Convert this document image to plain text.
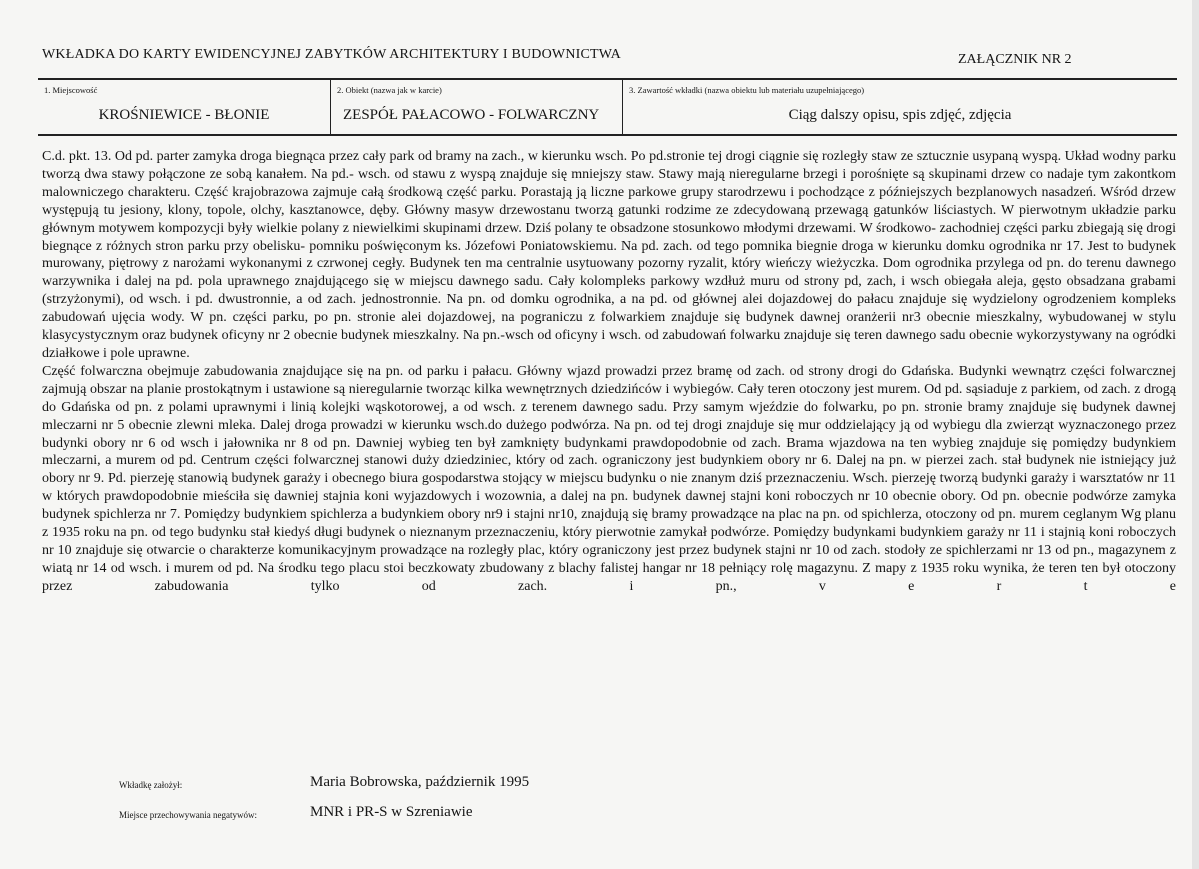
WKŁADKA DO KARTY EWIDENCYJNEJ ZABYTKÓW ARCHITEKTURY I BUDOWNICTWA	ZAŁĄCZNIK NR 2
1. Miejscowość
KROŚNIEWICE - BŁONIE
2. Obiekt (nazwa jak w karcie)
ZESPÓŁ PAŁACOWO - FOLWARCZNY
3. Zawartość wkładki (nazwa obiektu lub materiału uzupełniającego)
Ciąg dalszy opisu, spis zdjęć, zdjęcia

C.d. pkt. 13. Od pd. parter zamyka droga biegnąca przez cały park od bramy na zach., w kierunku wsch. Po pd.stronie tej drogi ciągnie się rozległy staw ze sztucznie usypaną wyspą. Układ wodny parku tworzą dwa stawy połączone ze sobą kanałem. Na pd.- wsch. od stawu z wyspą znajduje się mniejszy staw. Stawy mają nieregularne brzegi i porośnięte są skupinami drzew co nadaje tym zakontkom malowniczego charakteru. Część krajobrazowa zajmuje całą środkową część parku. Porastają ją liczne parkowe grupy starodrzewu i pochodzące z późniejszych bezplanowych nasadzeń. Wśród drzew występują tu jesiony, klony, topole, olchy, kasztanowce, dęby. Główny masyw drzewostanu tworzą gatunki rodzime ze zdecydowaną przewagą gatunków liściastych. W pierwotnym układzie parku głównym motywem kompozycji były wielkie polany z niewielkimi skupinami drzew. Dziś polany te obsadzone stosunkowo młodymi drzewami. W środkowo- zachodniej części parku zbiegają się drogi biegnące z różnych stron parku przy obelisku- pomniku poświęconym ks. Józefowi Poniatowskiemu. Na pd. zach. od tego pomnika biegnie droga w kierunku domku ogrodnika nr 17. Jest to budynek murowany, piętrowy z narożami wykonanymi z czrwonej cegły. Budynek ten ma centralnie usytuowany pozorny ryzalit, który wieńczy wieżyczka. Dom ogrodnika przylega od pn. do terenu dawnego warzywnika i dalej na pd. pola uprawnego znajdującego się w miejscu dawnego sadu. Cały kolompleks parkowy wzdłuż muru od strony pd, zach, i wsch obiegała aleja, gęsto obsadzana grabami (strzyżonymi), od wsch. i pd. dwustronnie, a od zach. jednostronnie. Na pn. od domku ogrodnika, a na pd. od głównej alei dojazdowej do pałacu znajduje się wydzielony ogrodzeniem kompleks zabudowań ujęcia wody. W pn. części parku, po pn. stronie alei dojazdowej, na pograniczu z folwarkiem znajduje się budynek dawnej oranżerii nr3 obecnie mieszkalny, wybudowanej w stylu klasycystycznym oraz budynek oficyny nr 2 obecnie budynek mieszkalny. Na pn.-wsch od oficyny i wsch. od zabudowań folwarku znajduje się teren dawnego sadu obecnie wykorzystywany na ogródki działkowe i pole uprawne.

Część folwarczna obejmuje zabudowania znajdujące się na pn. od parku i pałacu. Główny wjazd prowadzi przez bramę od zach. od strony drogi do Gdańska. Budynki wewnątrz części folwarcznej zajmują obszar na planie prostokątnym i ustawione są nieregularnie tworząc kilka wewnętrznych dziedzińców i wybiegów. Cały teren otoczony jest murem. Od pd. sąsiaduje z parkiem, od zach. z drogą do Gdańska od pn. z polami uprawnymi i linią kolejki wąskotorowej, a od wsch. z terenem dawnego sadu. Przy samym wjeździe do folwarku, po pn. stronie bramy znajduje się budynek dawnej mleczarni nr 5 obecnie zlewni mleka. Dalej droga prowadzi w kierunku wsch.do dużego podwórza. Na pn. od tej drogi znajduje się mur oddzielający ją od wybiegu dla zwierząt wyznaczonego przez budynki obory nr 6 od wsch i jałownika nr 8 od pn. Dawniej wybieg ten był zamknięty budynkami prawdopodobnie od zach. Brama wjazdowa na ten wybieg znajduje się pomiędzy budynkiem mleczarni, a murem od pd. Centrum części folwarcznej stanowi duży dziedziniec, który od zach. ograniczony jest budynkiem obory nr 6. Dalej na pn. w pierzei zach. stał budynek nie istniejący już obory nr 9. Pd. pierzeję stanowią budynek garaży i obecnego biura gospodarstwa stojący w miejscu budynku o nie znanym dziś przeznaczeniu. Wsch. pierzeję tworzą budynki garaży i warsztatów nr 11 w których prawdopodobnie mieściła się dawniej stajnia koni wyjazdowych i wozownia, a dalej na pn. budynek dawnej stajni koni roboczych nr 10 obecnie obory. Od pn. obecnie podwórze zamyka budynek spichlerza nr 7. Pomiędzy budynkiem spichlerza a budynkiem obory nr9 i stajni nr10, znajdują się bramy prowadzące na plac na pn. od spichlerza, otoczony od pn. murem ceglanym Wg planu z 1935 roku na pn. od tego budynku stał kiedyś długi budynek o nieznanym przeznaczeniu, który pierwotnie zamykał podwórze. Pomiędzy budynkami budynkiem garaży nr 11 i stajnią koni roboczych nr 10 znajduje się otwarcie o charakterze komunikacyjnym prowadzące na rozległy plac, który ograniczony jest przez budynek stajni nr 10 od zach. stodoły ze spichlerzami nr 13 od pn., magazynem z wiatą nr 14 od wsch. i murem od pd. Na środku tego placu stoi beczkowaty zbudowany z blachy falistej hangar nr 18 pełniący rolę magazynu. Z mapy z 1935 roku wynika, że teren ten był otoczony przez zabudowania tylko od zach. i pn.,	v e r t e

Wkładkę założył:	Maria Bobrowska, październik 1995
Miejsce przechowywania negatywów:	MNR i PR-S w Szreniawie
